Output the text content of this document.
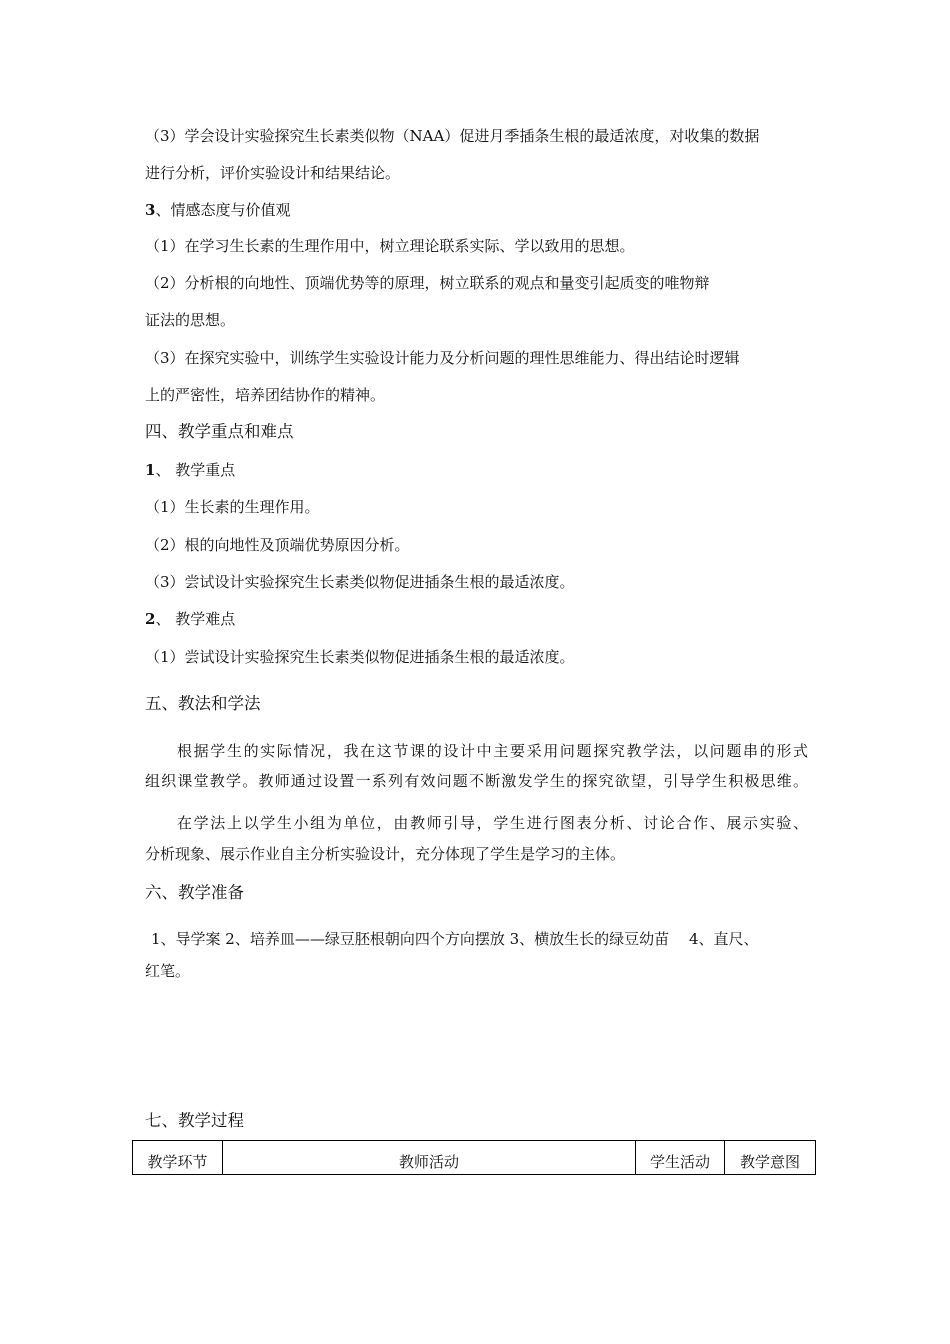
（3）学会设计实验探究生长素类似物（NAA）促进月季插条生根的最适浓度，对收集的数据
进行分析，评价实验设计和结果结论。
3、情感态度与价值观
（1）在学习生长素的生理作用中，树立理论联系实际、学以致用的思想。
（2）分析根的向地性、顶端优势等的原理，树立联系的观点和量变引起质变的唯物辩
证法的思想。
（3）在探究实验中，训练学生实验设计能力及分析问题的理性思维能力、得出结论时逻辑
上的严密性，培养团结协作的精神。
四、教学重点和难点
1、 教学重点
（1）生长素的生理作用。
（2）根的向地性及顶端优势原因分析。
（3）尝试设计实验探究生长素类似物促进插条生根的最适浓度。
2、 教学难点
（1）尝试设计实验探究生长素类似物促进插条生根的最适浓度。
五、教法和学法
根据学生的实际情况，我在这节课的设计中主要采用问题探究教学法，以问题串的形式
组织课堂教学。教师通过设置一系列有效问题不断激发学生的探究欲望，引导学生积极思维。
在学法上以学生小组为单位，由教师引导，学生进行图表分析、讨论合作、展示实验、
分析现象、展示作业自主分析实验设计，充分体现了学生是学习的主体。
六、教学准备
1、导学案 2、培养皿——绿豆胚根朝向四个方向摆放 3、横放生长的绿豆幼苗　 4、直尺、
红笔。
七、教学过程
教学环节	教师活动	学生活动	教学意图
